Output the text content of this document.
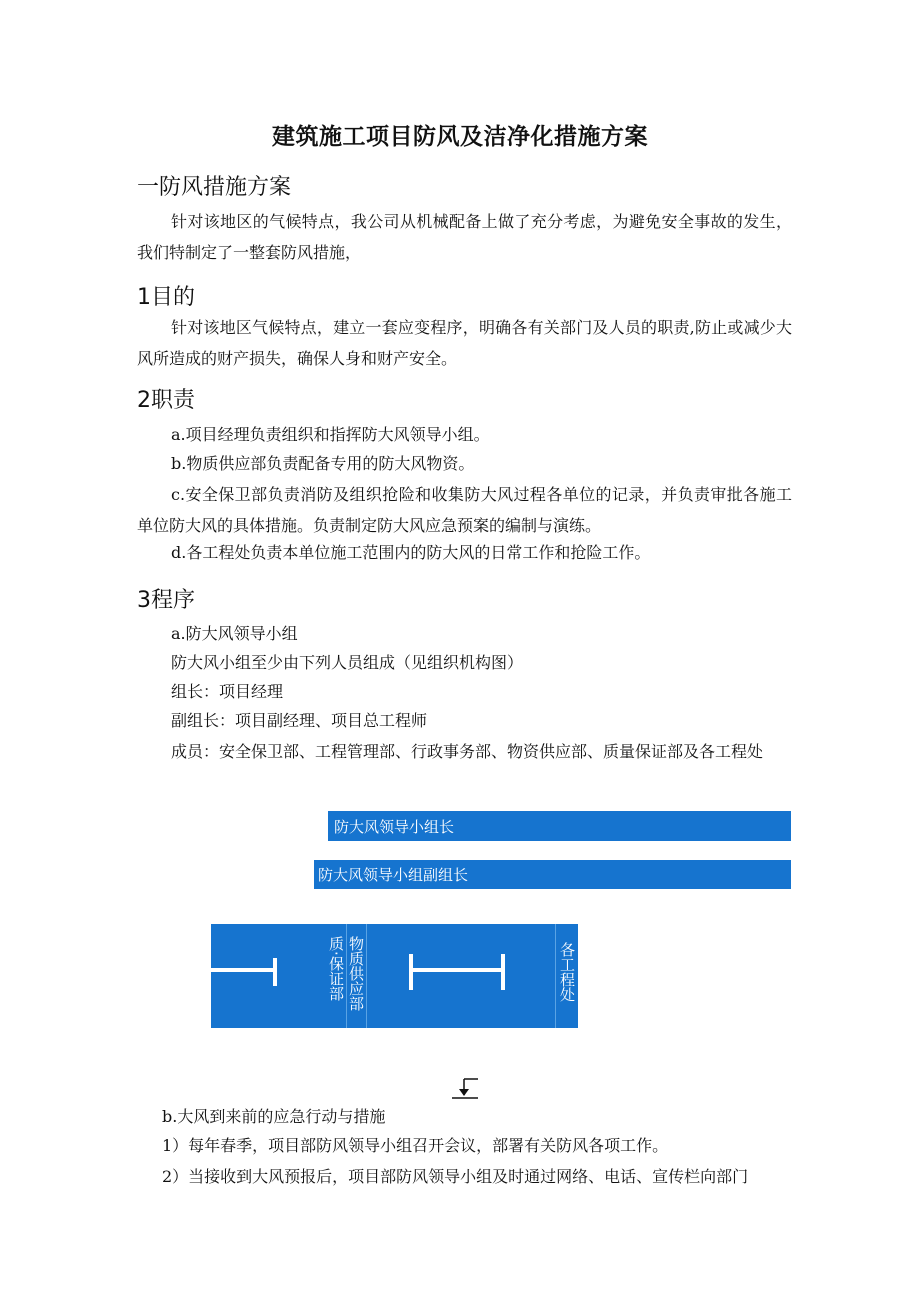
建筑施工项目防风及洁净化措施方案
一防风措施方案
针对该地区的气候特点，我公司从机械配备上做了充分考虑，为避免安全事故的发生，我们特制定了一整套防风措施，
1目的
针对该地区气候特点，建立一套应变程序，明确各有关部门及人员的职责,防止或减少大风所造成的财产损失，确保人身和财产安全。
2职责
a.项目经理负责组织和指挥防大风领导小组。
b.物质供应部负责配备专用的防大风物资。
c.安全保卫部负责消防及组织抢险和收集防大风过程各单位的记录，并负责审批各施工单位防大风的具体措施。负责制定防大风应急预案的编制与演练。
d.各工程处负责本单位施工范围内的防大风的日常工作和抢险工作。
3程序
a.防大风领导小组
防大风小组至少由下列人员组成（见组织机构图）
组长：项目经理
副组长：项目副经理、项目总工程师
成员：安全保卫部、工程管理部、行政事务部、物资供应部、质量保证部及各工程处
防大风领导小组长
防大风领导小组副组长
质·保证部 物质供应部	各工程处
b.大风到来前的应急行动与措施
1）每年春季，项目部防风领导小组召开会议，部署有关防风各项工作。
2）当接收到大风预报后，项目部防风领导小组及时通过网络、电话、宣传栏向部门
